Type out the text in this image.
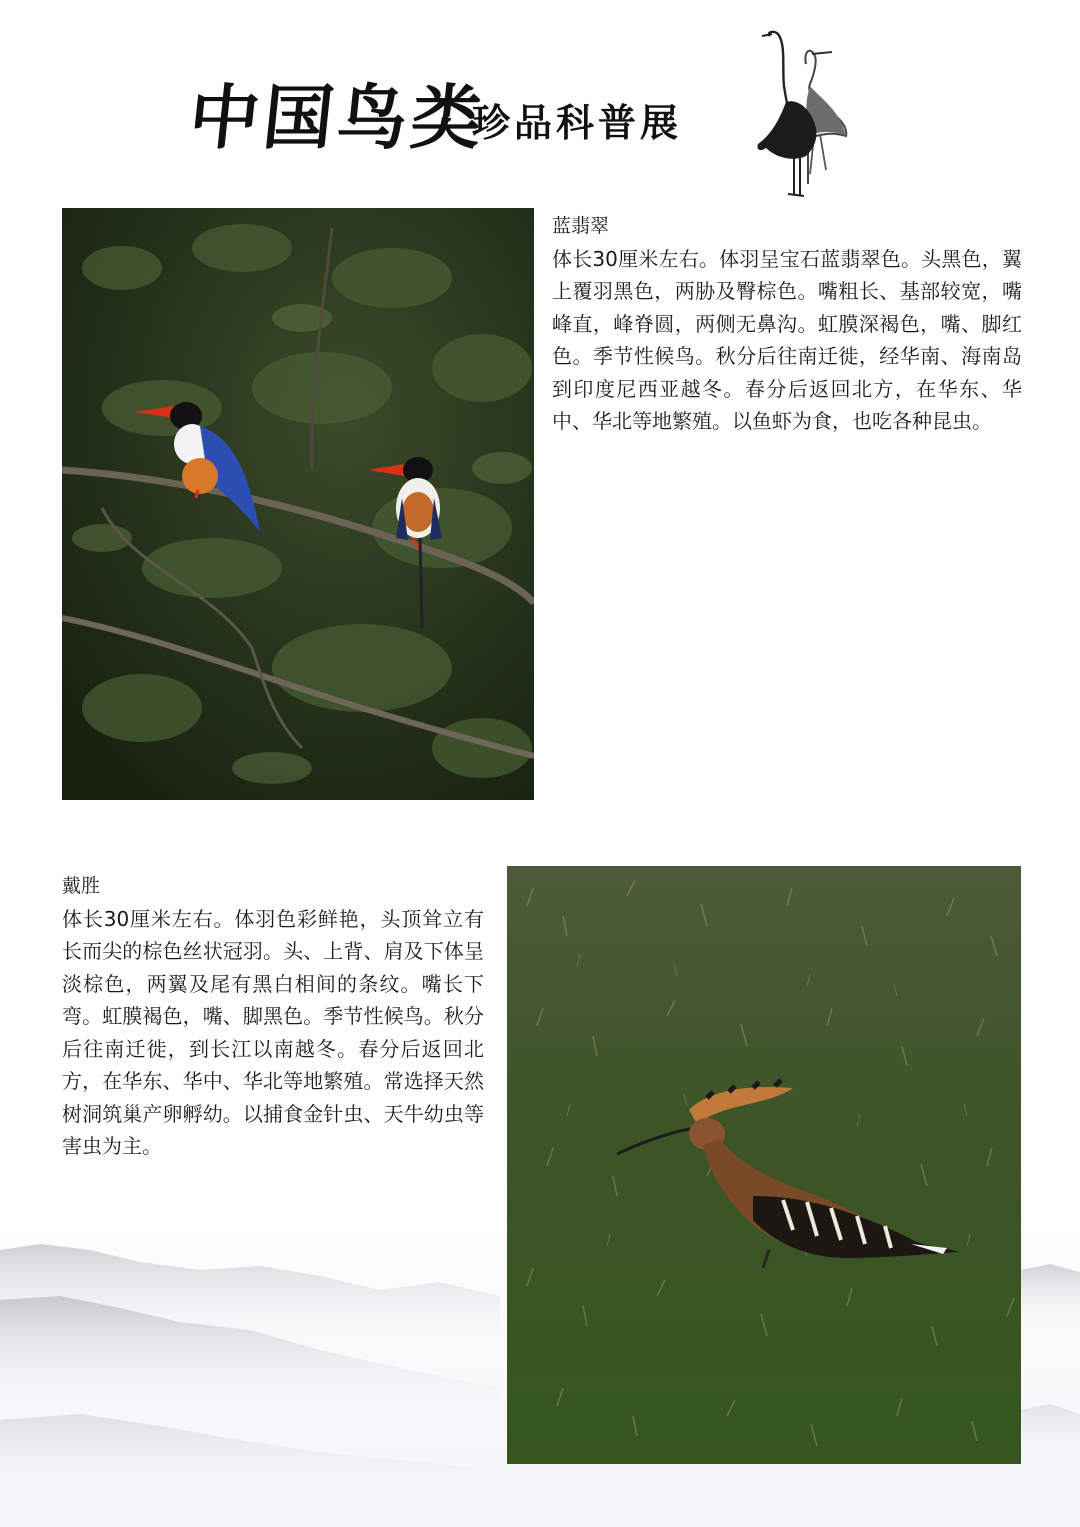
中国鸟类
珍品科普展
蓝翡翠
体长30厘米左右。体羽呈宝石蓝翡翠色。头黑色，翼上覆羽黑色，两胁及臀棕色。嘴粗长、基部较宽，嘴峰直，峰脊圆，两侧无鼻沟。虹膜深褐色，嘴、脚红色。季节性候鸟。秋分后往南迁徙，经华南、海南岛到印度尼西亚越冬。春分后返回北方，在华东、华中、华北等地繁殖。以鱼虾为食，也吃各种昆虫。
戴胜
体长30厘米左右。体羽色彩鲜艳，头顶耸立有长而尖的棕色丝状冠羽。头、上背、肩及下体呈淡棕色，两翼及尾有黑白相间的条纹。嘴长下弯。虹膜褐色，嘴、脚黑色。季节性候鸟。秋分后往南迁徙，到长江以南越冬。春分后返回北方，在华东、华中、华北等地繁殖。常选择天然树洞筑巢产卵孵幼。以捕食金针虫、天牛幼虫等害虫为主。
